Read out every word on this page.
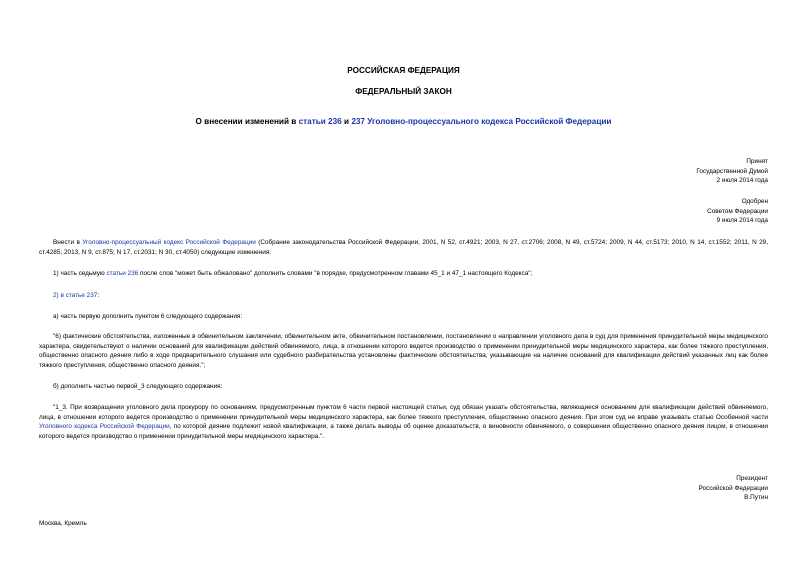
РОССИЙСКАЯ ФЕДЕРАЦИЯ
ФЕДЕРАЛЬНЫЙ ЗАКОН
О внесении изменений в статьи 236 и 237 Уголовно-процессуального кодекса Российской Федерации

Принят

Государственной Думой

2 июля 2014 года

Одобрен

Советом Федерации

9 июля 2014 года

Внести в Уголовно-процессуальный кодекс Российской Федерации (Собрание законодательства Российской Федерации, 2001, N 52, ст.4921; 2003, N 27, ст.2706; 2008, N 49, ст.5724; 2009, N 44, ст.5173; 2010, N 14, ст.1552; 2011, N 29, ст.4285; 2013, N 9, ст.875; N 17, ст.2031; N 30, ст.4050) следующие изменения:
1) часть седьмую статьи 236 после слов "может быть обжаловано" дополнить словами "в порядке, предусмотренном главами 45_1 и 47_1 настоящего Кодекса";
2) в статье 237:
а) часть первую дополнить пунктом 6 следующего содержания:
"6) фактические обстоятельства, изложенные в обвинительном заключении, обвинительном акте, обвинительном постановлении, постановлении о направлении уголовного дела в суд для применения принудительной меры медицинского характера, свидетельствуют о наличии оснований для квалификации действий обвиняемого, лица, в отношении которого ведется производство о применении принудительной меры медицинского характера, как более тяжкого преступления, общественно опасного деяния либо в ходе предварительного слушания или судебного разбирательства установлены фактические обстоятельства, указывающие на наличие оснований для квалификации действий указанных лиц как более тяжкого преступления, общественно опасного деяния.";
б) дополнить частью первой_3 следующего содержания:
"1_3. При возвращении уголовного дела прокурору по основаниям, предусмотренным пунктом 6 части первой настоящей статьи, суд обязан указать обстоятельства, являющиеся основанием для квалификации действий обвиняемого, лица, в отношении которого ведется производство о применении принудительной меры медицинского характера, как более тяжкого преступления, общественно опасного деяния. При этом суд не вправе указывать статью Особенной части Уголовного кодекса Российской Федерации, по которой деяние подлежит новой квалификации, а также делать выводы об оценке доказательств, о виновности обвиняемого, о совершении общественно опасного деяния лицом, в отношении которого ведется производство о применении принудительной меры медицинского характера.".

Президент

Российской Федерации

В.Путин

Москва, Кремль
